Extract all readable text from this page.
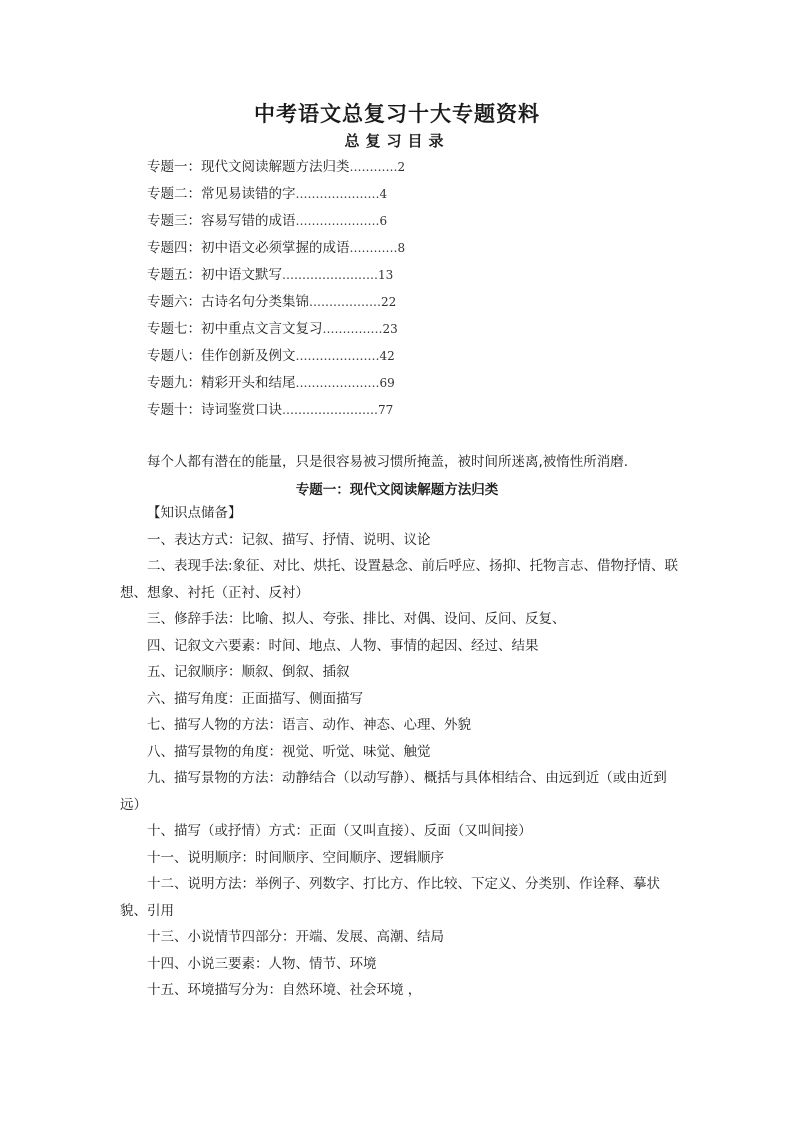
中考语文总复习十大专题资料
总复习目录
专题一：现代文阅读解题方法归类…………2
专题二：常见易读错的字…………………4
专题三：容易写错的成语…………………6
专题四：初中语文必须掌握的成语…………8
专题五：初中语文默写……………………13
专题六：古诗名句分类集锦………………22
专题七：初中重点文言文复习……………23
专题八：佳作创新及例文…………………42
专题九：精彩开头和结尾…………………69
专题十：诗词鉴赏口诀……………………77
每个人都有潜在的能量，只是很容易被习惯所掩盖，被时间所迷离,被惰性所消磨.
专题一：现代文阅读解题方法归类

【知识点储备】

一、表达方式：记叙、描写、抒情、说明、议论

二、表现手法:象征、对比、烘托、设置悬念、前后呼应、扬抑、托物言志、借物抒情、联想、想象、衬托（正衬、反衬）

三、修辞手法：比喻、拟人、夸张、排比、对偶、设问、反问、反复、

四、记叙文六要素：时间、地点、人物、事情的起因、经过、结果

五、记叙顺序：顺叙、倒叙、插叙

六、描写角度：正面描写、侧面描写

七、描写人物的方法：语言、动作、神态、心理、外貌

八、描写景物的角度：视觉、听觉、味觉、触觉

九、描写景物的方法：动静结合（以动写静）、概括与具体相结合、由远到近（或由近到远）

十、描写（或抒情）方式：正面（又叫直接）、反面（又叫间接）

十一、说明顺序：时间顺序、空间顺序、逻辑顺序

十二、说明方法：举例子、列数字、打比方、作比较、下定义、分类别、作诠释、摹状貌、引用

十三、小说情节四部分：开端、发展、高潮、结局

十四、小说三要素：人物、情节、环境

十五、环境描写分为：自然环境、社会环境 ，
